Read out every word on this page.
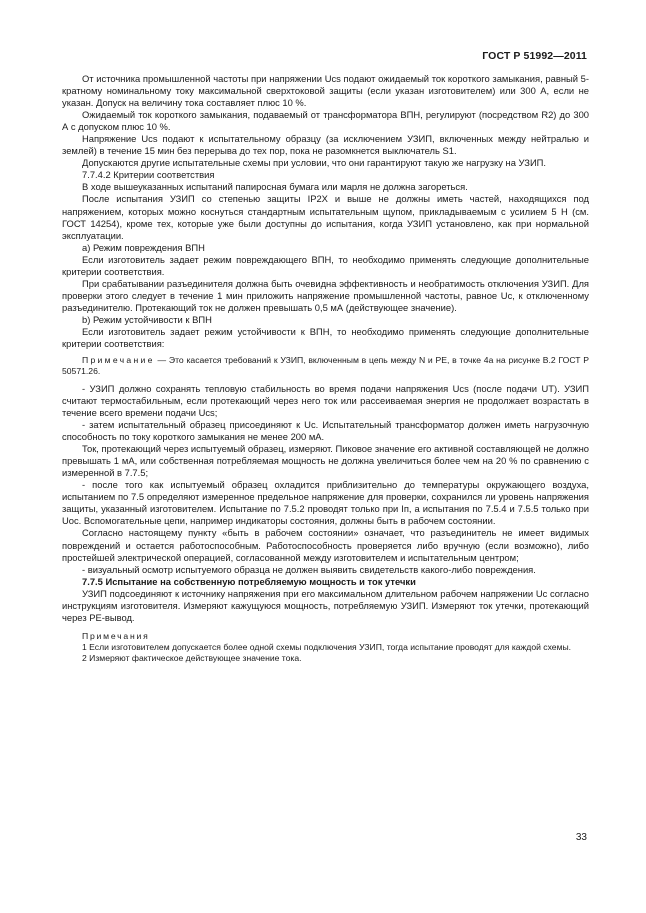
ГОСТ Р 51992—2011

От источника промышленной частоты при напряжении Uсs подают ожидаемый ток короткого замыкания, равный 5-кратному номинальному току максимальной сверхтоковой защиты (если указан изготовителем) или 300 А, если не указан. Допуск на величину тока составляет плюс 10 %.

Ожидаемый ток короткого замыкания, подаваемый от трансформатора ВПН, регулируют (посредством R2) до 300 А с допуском плюс 10 %.

Напряжение Uсs подают к испытательному образцу (за исключением УЗИП, включенных между нейтралью и землей) в течение 15 мин без перерыва до тех пор, пока не разомкнется выключатель S1.

Допускаются другие испытательные схемы при условии, что они гарантируют такую же нагрузку на УЗИП.

7.7.4.2 Критерии соответствия

В ходе вышеуказанных испытаний папиросная бумага или марля не должна загореться.

После испытания УЗИП со степенью защиты IP2X и выше не должны иметь частей, находящихся под напряжением, которых можно коснуться стандартным испытательным щупом, прикладываемым с усилием 5 Н (см. ГОСТ 14254), кроме тех, которые уже были доступны до испытания, когда УЗИП установлено, как при нормальной эксплуатации.

a) Режим повреждения ВПН

Если изготовитель задает режим повреждающего ВПН, то необходимо применять следующие дополнительные критерии соответствия.

При срабатывании разъединителя должна быть очевидна эффективность и необратимость отключения УЗИП. Для проверки этого следует в течение 1 мин приложить напряжение промышленной частоты, равное Uс, к отключенному разъединителю. Протекающий ток не должен превышать 0,5 мА (действующее значение).

b) Режим устойчивости к ВПН

Если изготовитель задает режим устойчивости к ВПН, то необходимо применять следующие дополнительные критерии соответствия:

Примечание — Это касается требований к УЗИП, включенным в цепь между N и PE, в точке 4а на рисунке В.2 ГОСТ Р 50571.26.

- УЗИП должно сохранять тепловую стабильность во время подачи напряжения Uсs (после подачи UT). УЗИП считают термостабильным, если протекающий через него ток или рассеиваемая энергия не продолжает возрастать в течение всего времени подачи Uсs;

- затем испытательный образец присоединяют к Uс. Испытательный трансформатор должен иметь нагрузочную способность по току короткого замыкания не менее 200 мА.

Ток, протекающий через испытуемый образец, измеряют. Пиковое значение его активной составляющей не должно превышать 1 мА, или собственная потребляемая мощность не должна увеличиться более чем на 20 % по сравнению с измеренной в 7.7.5;

- после того как испытуемый образец охладится приблизительно до температуры окружающего воздуха, испытанием по 7.5 определяют измеренное предельное напряжение для проверки, сохранился ли уровень напряжения защиты, указанный изготовителем. Испытание по 7.5.2 проводят только при Iп, а испытания по 7.5.4 и 7.5.5 только при Uoc. Вспомогательные цепи, например индикаторы состояния, должны быть в рабочем состоянии.

Согласно настоящему пункту «быть в рабочем состоянии» означает, что разъединитель не имеет видимых повреждений и остается работоспособным. Работоспособность проверяется либо вручную (если возможно), либо простейшей электрической операцией, согласованной между изготовителем и испытательным центром;

- визуальный осмотр испытуемого образца не должен выявить свидетельств какого-либо повреждения.

7.7.5 Испытание на собственную потребляемую мощность и ток утечки

УЗИП подсоединяют к источнику напряжения при его максимальном длительном рабочем напряжении Uс согласно инструкциям изготовителя. Измеряют кажущуюся мощность, потребляемую УЗИП. Измеряют ток утечки, протекающий через РЕ-вывод.

Примечания

1 Если изготовителем допускается более одной схемы подключения УЗИП, тогда испытание проводят для каждой схемы.

2 Измеряют фактическое действующее значение тока.

33
